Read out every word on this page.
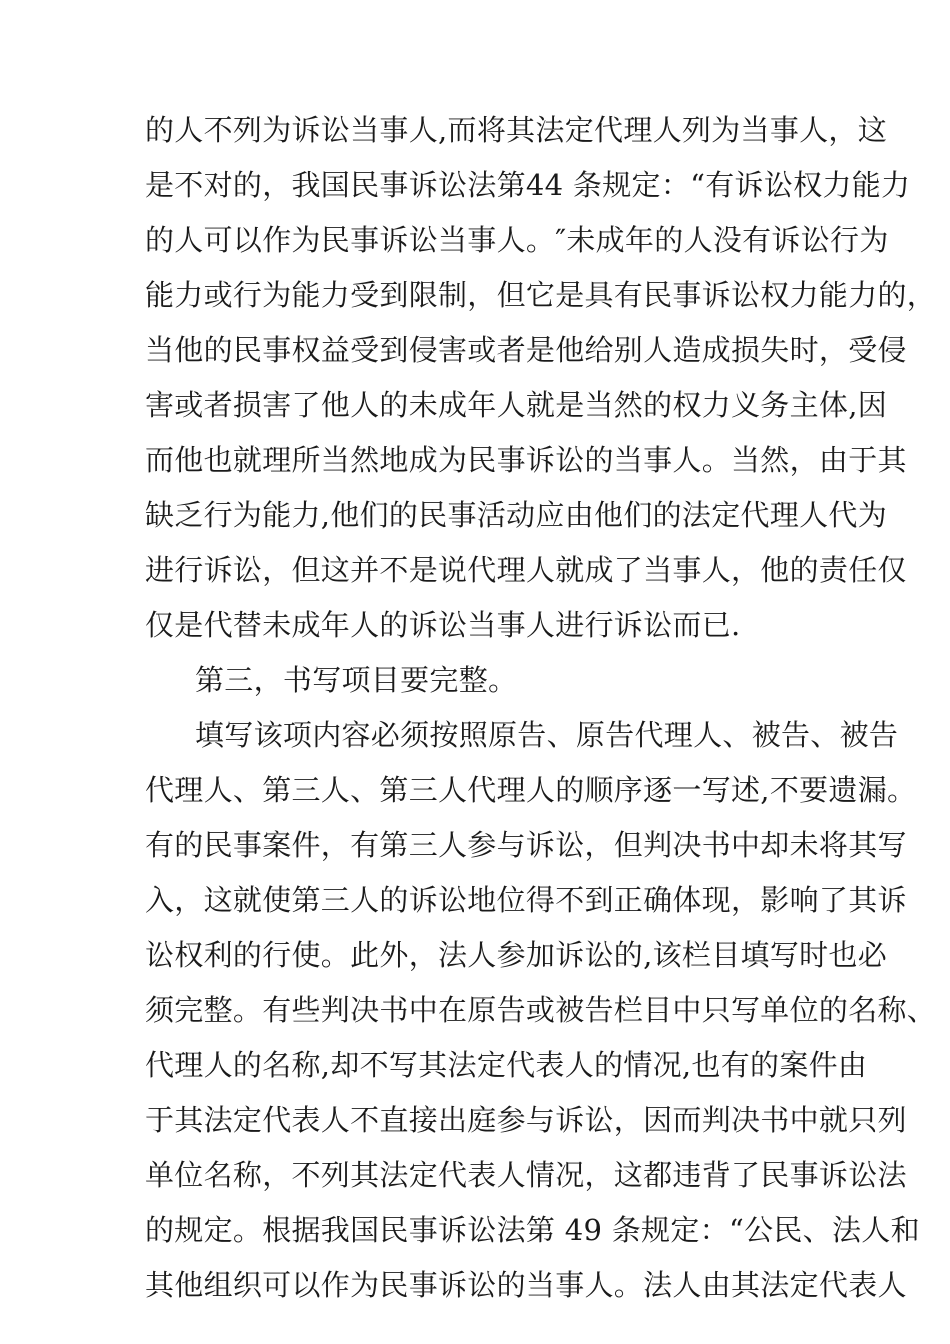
的人不列为诉讼当事人,而将其法定代理人列为当事人，这
是不对的，我国民事诉讼法第44 条规定：“有诉讼权力能力
的人可以作为民事诉讼当事人。″未成年的人没有诉讼行为
能力或行为能力受到限制，但它是具有民事诉讼权力能力的，
当他的民事权益受到侵害或者是他给别人造成损失时，受侵
害或者损害了他人的未成年人就是当然的权力义务主体,因
而他也就理所当然地成为民事诉讼的当事人。当然，由于其
缺乏行为能力,他们的民事活动应由他们的法定代理人代为
进行诉讼，但这并不是说代理人就成了当事人，他的责任仅
仅是代替未成年人的诉讼当事人进行诉讼而已.
第三，书写项目要完整。
填写该项内容必须按照原告、原告代理人、被告、被告
代理人、第三人、第三人代理人的顺序逐一写述,不要遗漏。
有的民事案件，有第三人参与诉讼，但判决书中却未将其写
入，这就使第三人的诉讼地位得不到正确体现，影响了其诉
讼权利的行使。此外，法人参加诉讼的,该栏目填写时也必
须完整。有些判决书中在原告或被告栏目中只写单位的名称、
代理人的名称,却不写其法定代表人的情况,也有的案件由
于其法定代表人不直接出庭参与诉讼，因而判决书中就只列
单位名称，不列其法定代表人情况，这都违背了民事诉讼法
的规定。根据我国民事诉讼法第 49 条规定：“公民、法人和
其他组织可以作为民事诉讼的当事人。法人由其法定代表人
